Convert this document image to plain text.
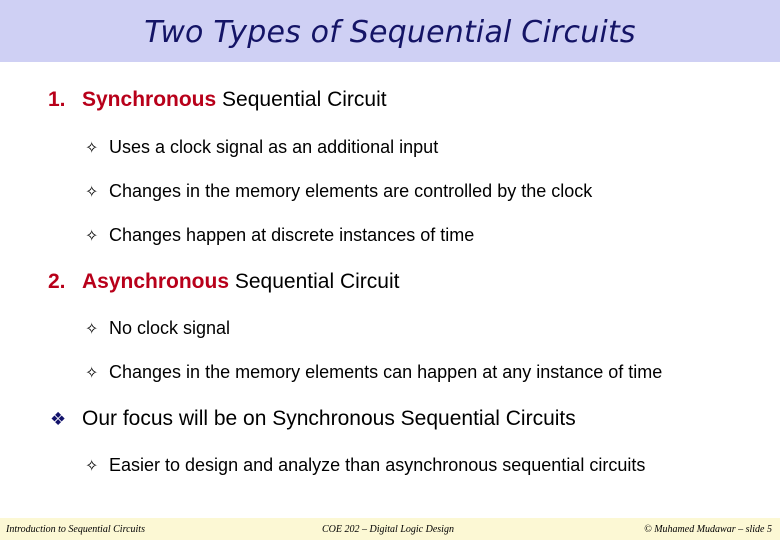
Two Types of Sequential Circuits
1. Synchronous Sequential Circuit
✧ Uses a clock signal as an additional input
✧ Changes in the memory elements are controlled by the clock
✧ Changes happen at discrete instances of time
2. Asynchronous Sequential Circuit
✧ No clock signal
✧ Changes in the memory elements can happen at any instance of time
❖ Our focus will be on Synchronous Sequential Circuits
✧ Easier to design and analyze than asynchronous sequential circuits
Introduction to Sequential Circuits	COE 202 – Digital Logic Design	© Muhamed Mudawar – slide 5
